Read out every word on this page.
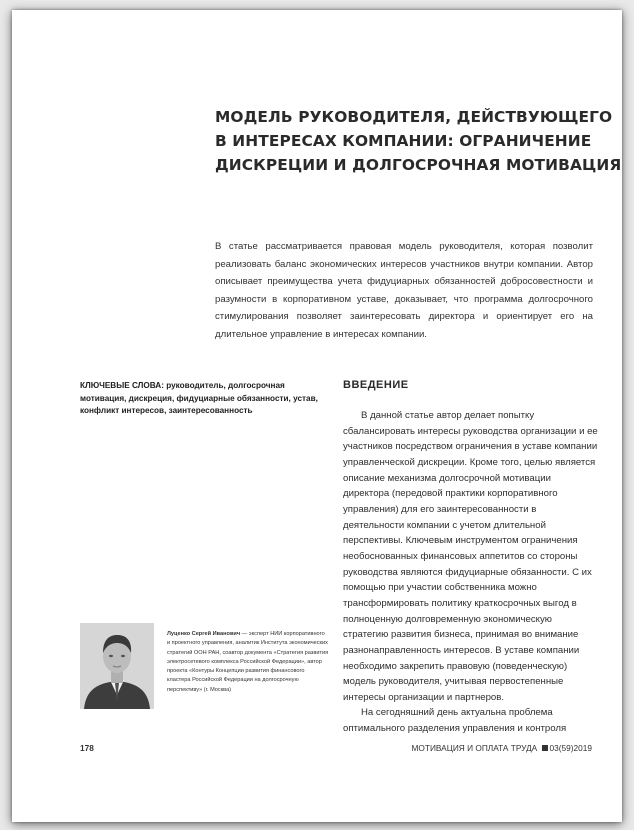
МОДЕЛЬ РУКОВОДИТЕЛЯ, ДЕЙСТВУЮЩЕГО
В ИНТЕРЕСАХ КОМПАНИИ: ОГРАНИЧЕНИЕ
ДИСКРЕЦИИ И ДОЛГОСРОЧНАЯ МОТИВАЦИЯ

В статье рассматривается правовая модель руководителя, которая позволит реализовать баланс экономических интересов участников внутри компании. Автор описывает преимущества учета фидуциарных обязанностей добросовестности и разумности в корпоративном уставе, доказывает, что программа долгосрочного стимулирования позволяет заинтересовать директора и ориентирует его на длительное управление в интересах компании.

КЛЮЧЕВЫЕ СЛОВА: руководитель, долгосрочная мотивация, дискреция, фидуциарные обязанности, устав, конфликт интересов, заинтересованность

ВВЕДЕНИЕ

В данной статье автор делает попытку сбалансировать интересы руководства организации и ее участников посредством ограничения в уставе компании управленческой дискреции. Кроме того, целью является описание механизма долгосрочной мотивации директора (передовой практики корпоративного управления) для его заинтересованности в деятельности компании с учетом длительной перспективы. Ключевым инструментом ограничения необоснованных финансовых аппетитов со стороны руководства являются фидуциарные обязанности. С их помощью при участии собственника можно трансформировать политику краткосрочных выгод в полноценную долговременную экономическую стратегию развития бизнеса, принимая во внимание разнонаправленность интересов. В уставе компании необходимо закрепить правовую (поведенческую) модель руководителя, учитывая первостепенные интересы организации и партнеров.

На сегодняшний день актуальна проблема оптимального разделения управления и контроля

Луценко Сергей Иванович — эксперт НИИ корпоративного и проектного управления, аналитик Института экономических стратегий ООН РАН, соавтор документа «Стратегия развития электросетевого комплекса Российской Федерации», автор проекта «Контуры Концепции развития финансового кластера Российской Федерации на долгосрочную перспективу» (г. Москва)

178	МОТИВАЦИЯ И ОПЛАТА ТРУДА 03(59)2019
